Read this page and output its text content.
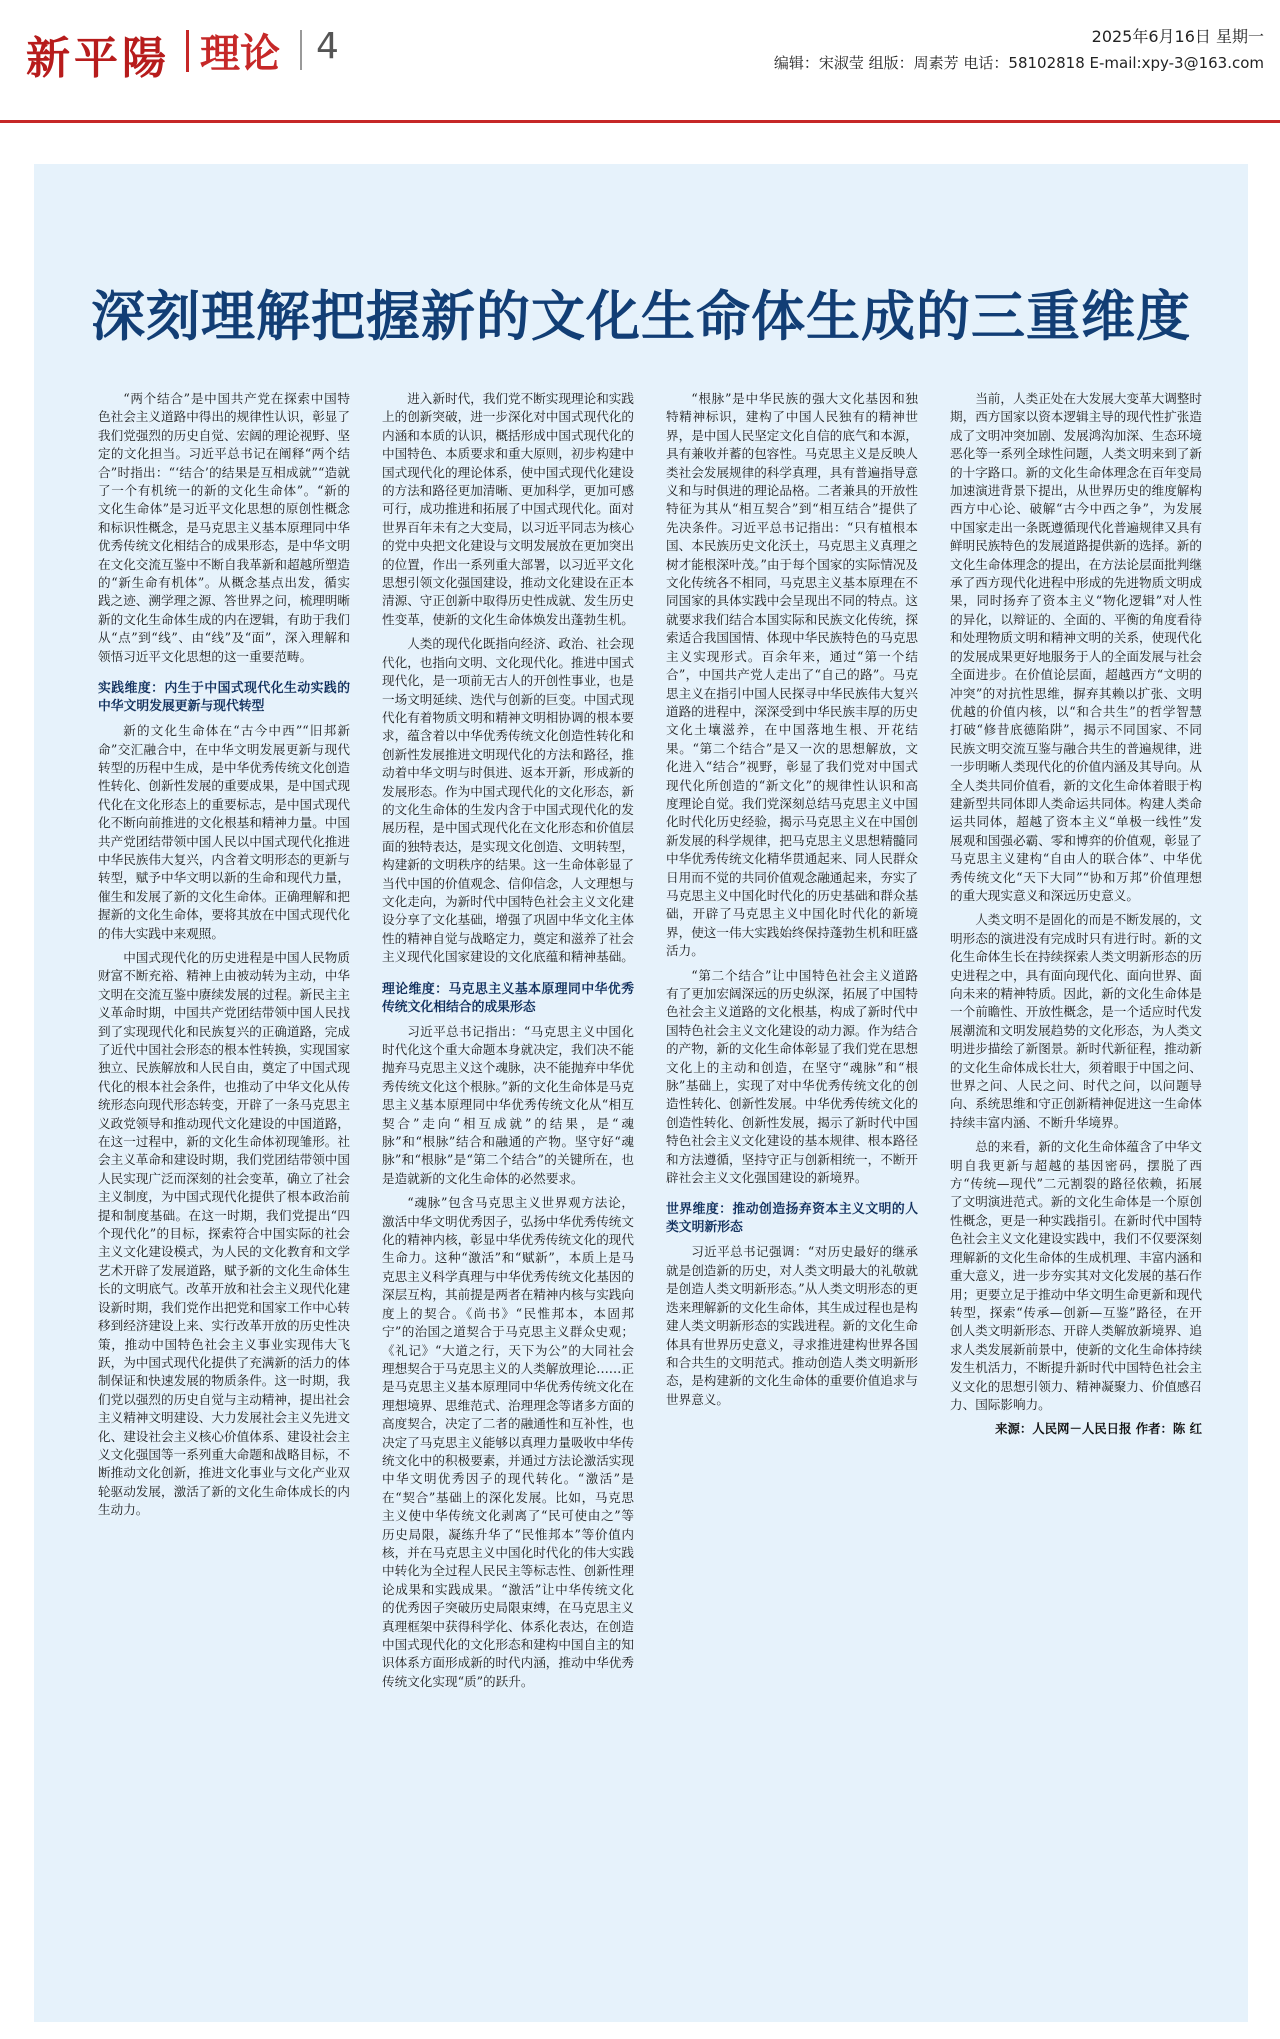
新平陽 理论 4	2025年6月16日 星期一
编辑：宋淑莹 组版：周素芳 电话：58102818 E-mail:xpy-3@163.com
深刻理解把握新的文化生命体生成的三重维度

“两个结合”是中国共产党在探索中国特色社会主义道路中得出的规律性认识，彰显了我们党强烈的历史自觉、宏阔的理论视野、坚定的文化担当。习近平总书记在阐释“两个结合”时指出：“‘结合’的结果是互相成就”“造就了一个有机统一的新的文化生命体”。“新的文化生命体”是习近平文化思想的原创性概念和标识性概念，是马克思主义基本原理同中华优秀传统文化相结合的成果形态，是中华文明在文化交流互鉴中不断自我革新和超越所塑造的“新生命有机体”。从概念基点出发，循实践之迹、溯学理之源、答世界之问，梳理明晰新的文化生命体生成的内在逻辑，有助于我们从“点”到“线”、由“线”及“面”，深入理解和领悟习近平文化思想的这一重要范畴。

实践维度：内生于中国式现代化生动实践的中华文明发展更新与现代转型

新的文化生命体在“古今中西”“旧邦新命”交汇融合中，在中华文明发展更新与现代转型的历程中生成，是中华优秀传统文化创造性转化、创新性发展的重要成果，是中国式现代化在文化形态上的重要标志，是中国式现代化不断向前推进的文化根基和精神力量。中国共产党团结带领中国人民以中国式现代化推进中华民族伟大复兴，内含着文明形态的更新与转型，赋予中华文明以新的生命和现代力量，催生和发展了新的文化生命体。正确理解和把握新的文化生命体，要将其放在中国式现代化的伟大实践中来观照。

中国式现代化的历史进程是中国人民物质财富不断充裕、精神上由被动转为主动，中华文明在交流互鉴中赓续发展的过程。新民主主义革命时期，中国共产党团结带领中国人民找到了实现现代化和民族复兴的正确道路，完成了近代中国社会形态的根本性转换，实现国家独立、民族解放和人民自由，奠定了中国式现代化的根本社会条件，也推动了中华文化从传统形态向现代形态转变，开辟了一条马克思主义政党领导和推动现代文化建设的中国道路，在这一过程中，新的文化生命体初现雏形。社会主义革命和建设时期，我们党团结带领中国人民实现广泛而深刻的社会变革，确立了社会主义制度，为中国式现代化提供了根本政治前提和制度基础。在这一时期，我们党提出“四个现代化”的目标，探索符合中国实际的社会主义文化建设模式，为人民的文化教育和文学艺术开辟了发展道路，赋予新的文化生命体生长的文明底气。改革开放和社会主义现代化建设新时期，我们党作出把党和国家工作中心转移到经济建设上来、实行改革开放的历史性决策，推动中国特色社会主义事业实现伟大飞跃，为中国式现代化提供了充满新的活力的体制保证和快速发展的物质条件。这一时期，我们党以强烈的历史自觉与主动精神，提出社会主义精神文明建设、大力发展社会主义先进文化、建设社会主义核心价值体系、建设社会主义文化强国等一系列重大命题和战略目标，不断推动文化创新，推进文化事业与文化产业双轮驱动发展，激活了新的文化生命体成长的内生动力。

进入新时代，我们党不断实现理论和实践上的创新突破，进一步深化对中国式现代化的内涵和本质的认识，概括形成中国式现代化的中国特色、本质要求和重大原则，初步构建中国式现代化的理论体系，使中国式现代化建设的方法和路径更加清晰、更加科学，更加可感可行，成功推进和拓展了中国式现代化。面对世界百年未有之大变局，以习近平同志为核心的党中央把文化建设与文明发展放在更加突出的位置，作出一系列重大部署，以习近平文化思想引领文化强国建设，推动文化建设在正本清源、守正创新中取得历史性成就、发生历史性变革，使新的文化生命体焕发出蓬勃生机。

人类的现代化既指向经济、政治、社会现代化，也指向文明、文化现代化。推进中国式现代化，是一项前无古人的开创性事业，也是一场文明延续、迭代与创新的巨变。中国式现代化有着物质文明和精神文明相协调的根本要求，蕴含着以中华优秀传统文化创造性转化和创新性发展推进文明现代化的方法和路径，推动着中华文明与时俱进、返本开新，形成新的发展形态。作为中国式现代化的文化形态，新的文化生命体的生发内含于中国式现代化的发展历程，是中国式现代化在文化形态和价值层面的独特表达，是实现文化创造、文明转型，构建新的文明秩序的结果。这一生命体彰显了当代中国的价值观念、信仰信念，人文理想与文化走向，为新时代中国特色社会主义文化建设分享了文化基础，增强了巩固中华文化主体性的精神自觉与战略定力，奠定和滋养了社会主义现代化国家建设的文化底蕴和精神基础。

理论维度：马克思主义基本原理同中华优秀传统文化相结合的成果形态

习近平总书记指出：“马克思主义中国化时代化这个重大命题本身就决定，我们决不能抛弃马克思主义这个魂脉，决不能抛弃中华优秀传统文化这个根脉。”新的文化生命体是马克思主义基本原理同中华优秀传统文化从“相互契合”走向“相互成就”的结果，是“魂脉”和“根脉”结合和融通的产物。坚守好“魂脉”和“根脉”是“第二个结合”的关键所在，也是造就新的文化生命体的必然要求。

“魂脉”包含马克思主义世界观方法论，激活中华文明优秀因子，弘扬中华优秀传统文化的精神内核，彰显中华优秀传统文化的现代生命力。这种“激活”和“赋新”，本质上是马克思主义科学真理与中华优秀传统文化基因的深层互构，其前提是两者在精神内核与实践向度上的契合。《尚书》“民惟邦本，本固邦宁”的治国之道契合于马克思主义群众史观；《礼记》“大道之行，天下为公”的大同社会理想契合于马克思主义的人类解放理论……正是马克思主义基本原理同中华优秀传统文化在理想境界、思维范式、治理理念等诸多方面的高度契合，决定了二者的融通性和互补性，也决定了马克思主义能够以真理力量吸收中华传统文化中的积极要素，并通过方法论激活实现中华文明优秀因子的现代转化。“激活”是在“契合”基础上的深化发展。比如，马克思主义使中华传统文化剥离了“民可使由之”等历史局限，凝练升华了“民惟邦本”等价值内核，并在马克思主义中国化时代化的伟大实践中转化为全过程人民民主等标志性、创新性理论成果和实践成果。“激活”让中华传统文化的优秀因子突破历史局限束缚，在马克思主义真理框架中获得科学化、体系化表达，在创造中国式现代化的文化形态和建构中国自主的知识体系方面形成新的时代内涵，推动中华优秀传统文化实现“质”的跃升。

“根脉”是中华民族的强大文化基因和独特精神标识，建构了中国人民独有的精神世界，是中国人民坚定文化自信的底气和本源，具有兼收并蓄的包容性。马克思主义是反映人类社会发展规律的科学真理，具有普遍指导意义和与时俱进的理论品格。二者兼具的开放性特征为其从“相互契合”到“相互结合”提供了先决条件。习近平总书记指出：“只有植根本国、本民族历史文化沃土，马克思主义真理之树才能根深叶茂。”由于每个国家的实际情况及文化传统各不相同，马克思主义基本原理在不同国家的具体实践中会呈现出不同的特点。这就要求我们结合本国实际和民族文化传统，探索适合我国国情、体现中华民族特色的马克思主义实现形式。百余年来，通过“第一个结合”，中国共产党人走出了“自己的路”。马克思主义在指引中国人民探寻中华民族伟大复兴道路的进程中，深深受到中华民族丰厚的历史文化土壤滋养，在中国落地生根、开花结果。“第二个结合”是又一次的思想解放，文化进入“结合”视野，彰显了我们党对中国式现代化所创造的“新文化”的规律性认识和高度理论自觉。我们党深刻总结马克思主义中国化时代化历史经验，揭示马克思主义在中国创新发展的科学规律，把马克思主义思想精髓同中华优秀传统文化精华贯通起来、同人民群众日用而不觉的共同价值观念融通起来，夯实了马克思主义中国化时代化的历史基础和群众基础，开辟了马克思主义中国化时代化的新境界，使这一伟大实践始终保持蓬勃生机和旺盛活力。

“第二个结合”让中国特色社会主义道路有了更加宏阔深远的历史纵深，拓展了中国特色社会主义道路的文化根基，构成了新时代中国特色社会主义文化建设的动力源。作为结合的产物，新的文化生命体彰显了我们党在思想文化上的主动和创造，在坚守“魂脉”和“根脉”基础上，实现了对中华优秀传统文化的创造性转化、创新性发展。中华优秀传统文化的创造性转化、创新性发展，揭示了新时代中国特色社会主义文化建设的基本规律、根本路径和方法遵循，坚持守正与创新相统一，不断开辟社会主义文化强国建设的新境界。

世界维度：推动创造扬弃资本主义文明的人类文明新形态

习近平总书记强调：“对历史最好的继承就是创造新的历史，对人类文明最大的礼敬就是创造人类文明新形态。”从人类文明形态的更迭来理解新的文化生命体，其生成过程也是构建人类文明新形态的实践进程。新的文化生命体具有世界历史意义，寻求推进建构世界各国和合共生的文明范式。推动创造人类文明新形态，是构建新的文化生命体的重要价值追求与世界意义。

当前，人类正处在大发展大变革大调整时期，西方国家以资本逻辑主导的现代性扩张造成了文明冲突加剧、发展鸿沟加深、生态环境恶化等一系列全球性问题，人类文明来到了新的十字路口。新的文化生命体理念在百年变局加速演进背景下提出，从世界历史的维度解构西方中心论、破解“古今中西之争”，为发展中国家走出一条既遵循现代化普遍规律又具有鲜明民族特色的发展道路提供新的选择。新的文化生命体理念的提出，在方法论层面批判继承了西方现代化进程中形成的先进物质文明成果，同时扬弃了资本主义“物化逻辑”对人性的异化，以辩证的、全面的、平衡的角度看待和处理物质文明和精神文明的关系，使现代化的发展成果更好地服务于人的全面发展与社会全面进步。在价值论层面，超越西方“文明的冲突”的对抗性思维，摒弃其赖以扩张、文明优越的价值内核，以“和合共生”的哲学智慧打破“修昔底德陷阱”，揭示不同国家、不同民族文明交流互鉴与融合共生的普遍规律，进一步明晰人类现代化的价值内涵及其导向。从全人类共同价值看，新的文化生命体着眼于构建新型共同体即人类命运共同体。构建人类命运共同体，超越了资本主义“单极一线性”发展观和国强必霸、零和博弈的价值观，彰显了马克思主义建构“自由人的联合体”、中华优秀传统文化“天下大同”“协和万邦”价值理想的重大现实意义和深远历史意义。

人类文明不是固化的而是不断发展的，文明形态的演进没有完成时只有进行时。新的文化生命体生长在持续探索人类文明新形态的历史进程之中，具有面向现代化、面向世界、面向未来的精神特质。因此，新的文化生命体是一个前瞻性、开放性概念，是一个适应时代发展潮流和文明发展趋势的文化形态，为人类文明进步描绘了新图景。新时代新征程，推动新的文化生命体成长壮大，须着眼于中国之问、世界之问、人民之问、时代之问，以问题导向、系统思维和守正创新精神促进这一生命体持续丰富内涵、不断升华境界。

总的来看，新的文化生命体蕴含了中华文明自我更新与超越的基因密码，摆脱了西方“传统—现代”二元割裂的路径依赖，拓展了文明演进范式。新的文化生命体是一个原创性概念，更是一种实践指引。在新时代中国特色社会主义文化建设实践中，我们不仅要深刻理解新的文化生命体的生成机理、丰富内涵和重大意义，进一步夯实其对文化发展的基石作用；更要立足于推动中华文明生命更新和现代转型，探索“传承—创新—互鉴”路径，在开创人类文明新形态、开辟人类解放新境界、追求人类发展新前景中，使新的文化生命体持续发生机活力，不断提升新时代中国特色社会主义文化的思想引领力、精神凝聚力、价值感召力、国际影响力。

来源：人民网－人民日报 作者：陈 红
